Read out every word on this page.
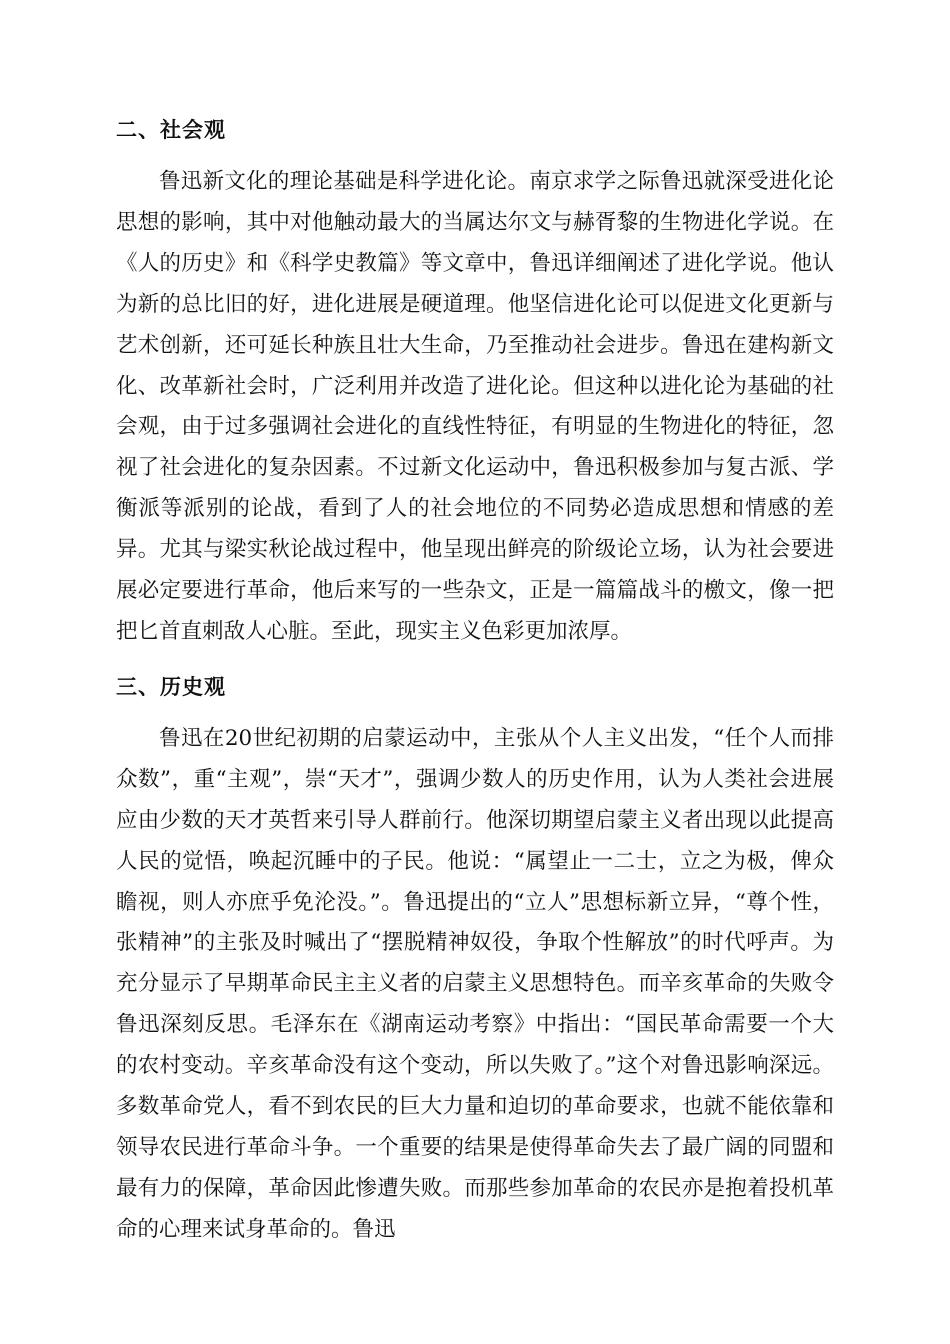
二、社会观

鲁迅新文化的理论基础是科学进化论。南京求学之际鲁迅就深受进化论思想的影响，其中对他触动最大的当属达尔文与赫胥黎的生物进化学说。在《人的历史》和《科学史教篇》等文章中，鲁迅详细阐述了进化学说。他认为新的总比旧的好，进化进展是硬道理。他坚信进化论可以促进文化更新与艺术创新，还可延长种族且壮大生命，乃至推动社会进步。鲁迅在建构新文化、改革新社会时，广泛利用并改造了进化论。但这种以进化论为基础的社会观，由于过多强调社会进化的直线性特征，有明显的生物进化的特征，忽视了社会进化的复杂因素。不过新文化运动中，鲁迅积极参加与复古派、学衡派等派别的论战，看到了人的社会地位的不同势必造成思想和情感的差异。尤其与梁实秋论战过程中，他呈现出鲜亮的阶级论立场，认为社会要进展必定要进行革命，他后来写的一些杂文，正是一篇篇战斗的檄文，像一把把匕首直刺敌人心脏。至此，现实主义色彩更加浓厚。

三、历史观

鲁迅在20世纪初期的启蒙运动中，主张从个人主义出发，“任个人而排众数”，重“主观”，崇“天才”，强调少数人的历史作用，认为人类社会进展应由少数的天才英哲来引导人群前行。他深切期望启蒙主义者出现以此提高人民的觉悟，唤起沉睡中的子民。他说：“属望止一二士，立之为极，俾众瞻视，则人亦庶乎免沦没。”。鲁迅提出的“立人”思想标新立异，“尊个性，张精神”的主张及时喊出了“摆脱精神奴役，争取个性解放”的时代呼声。为充分显示了早期革命民主主义者的启蒙主义思想特色。而辛亥革命的失败令鲁迅深刻反思。毛泽东在《湖南运动考察》中指出：“国民革命需要一个大的农村变动。辛亥革命没有这个变动，所以失败了。”这个对鲁迅影响深远。多数革命党人，看不到农民的巨大力量和迫切的革命要求，也就不能依靠和领导农民进行革命斗争。一个重要的结果是使得革命失去了最广阔的同盟和最有力的保障，革命因此惨遭失败。而那些参加革命的农民亦是抱着投机革命的心理来试身革命的。鲁迅
